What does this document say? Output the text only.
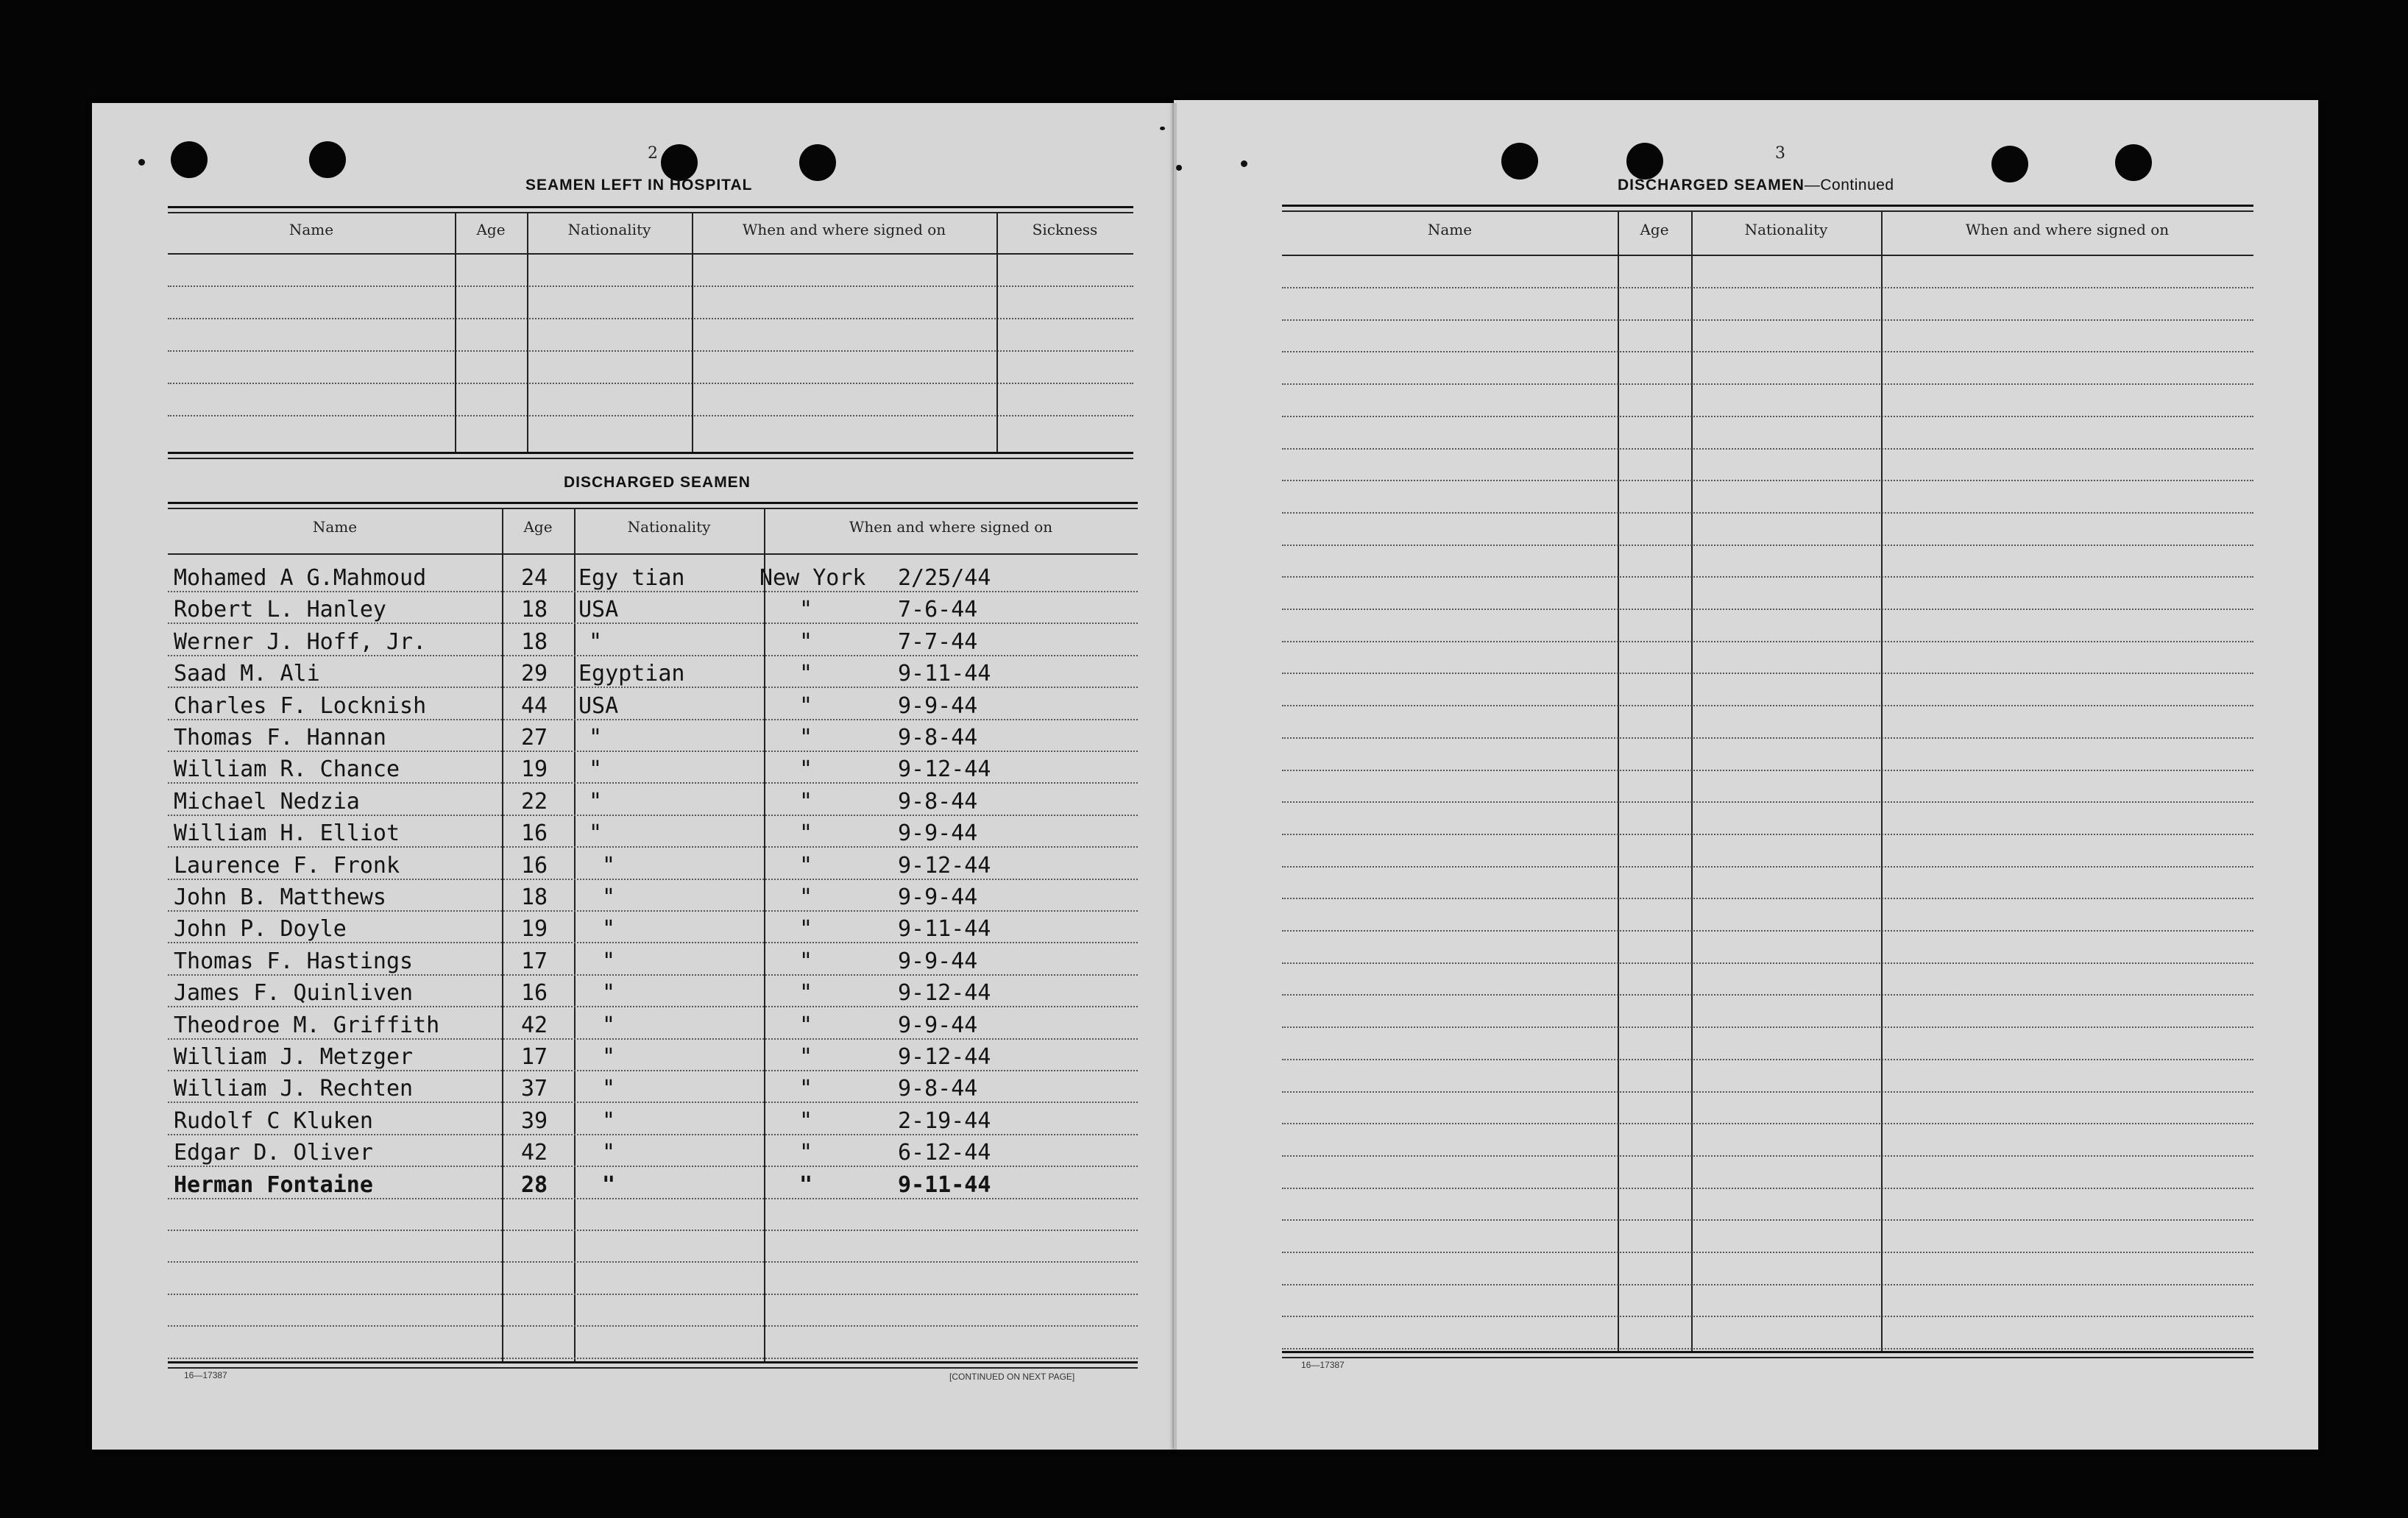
2
SEAMEN LEFT IN HOSPITAL
Name	Age	Nationality	When and where signed on	Sickness
DISCHARGED SEAMEN
Name	Age	Nationality	When and where signed on
Mohamed A G.Mahmoud	24 Egy tian	New York 2/25/44
Robert L. Hanley	18 USA	"	7-6-44
Werner J. Hoff, Jr.	18 "	"	7-7-44
Saad M. Ali	29 Egyptian	"	9-11-44
Charles F. Locknish	44 USA	"	9-9-44
Thomas F. Hannan	27 "	"	9-8-44
William R. Chance	19 "	"	9-12-44
Michael Nedzia	22 "	"	9-8-44
William H. Elliot	16 "	"	9-9-44
Laurence F. Fronk	16 "	"	9-12-44
John B. Matthews	18 "	"	9-9-44
John P. Doyle	19 "	"	9-11-44
Thomas F. Hastings	17 "	"	9-9-44
James F. Quinliven	16 "	"	9-12-44
Theodroe M. Griffith	42 "	"	9-9-44
William J. Metzger	17 "	"	9-12-44
William J. Rechten	37 "	"	9-8-44
Rudolf C Kluken	39 "	"	2-19-44
Edgar D. Oliver	42 "	"	6-12-44
Herman Fontaine	28 "	"	9-11-44
16—17387	[CONTINUED ON NEXT PAGE]
3
DISCHARGED SEAMEN—Continued
Name	Age	Nationality	When and where signed on
16—17387
